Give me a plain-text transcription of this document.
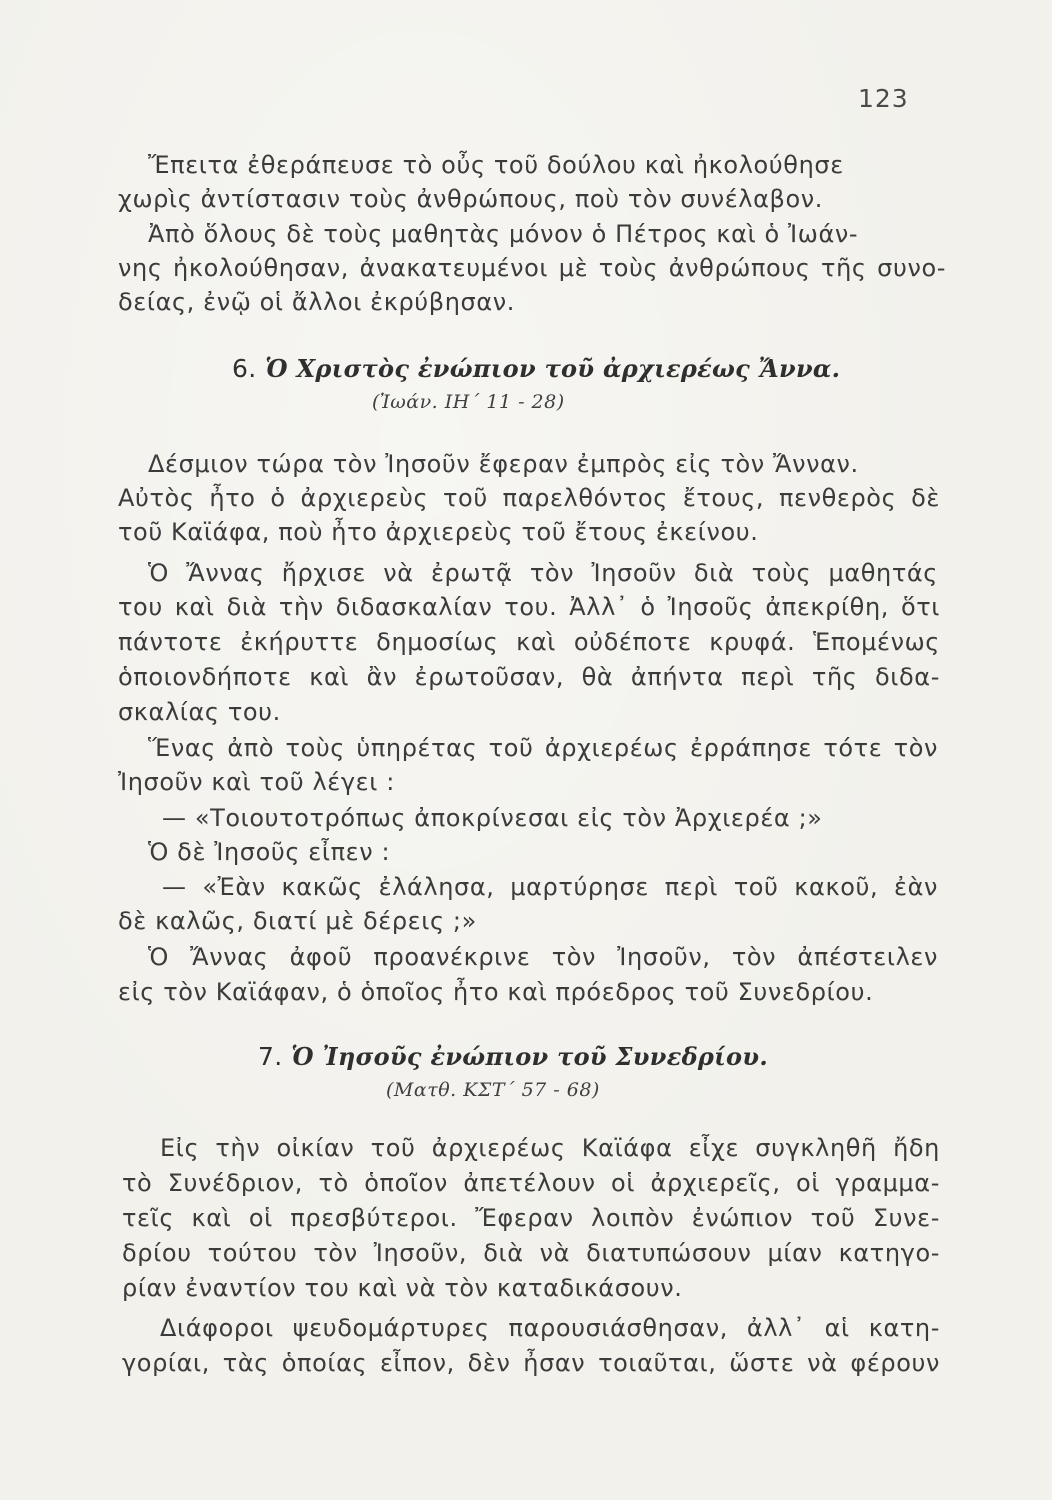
123
Ἔπειτα ἐθεράπευσε τὸ οὖς τοῦ δούλου καὶ ἠκολούθησε
χωρὶς ἀντίστασιν τοὺς ἀνθρώπους, ποὺ τὸν συνέλαβον.
Ἀπὸ ὅλους δὲ τοὺς μαθητὰς μόνον ὁ Πέτρος καὶ ὁ Ἰωάν-
νης ἠκολούθησαν, ἀνακατευμένοι μὲ τοὺς ἀνθρώπους τῆς συνο-
δείας, ἐνῷ οἱ ἄλλοι ἐκρύβησαν.
6. Ὁ Χριστὸς ἐνώπιον τοῦ ἀρχιερέως Ἄννα.
(Ἰωάν. ΙΗ´ 11 - 28)
Δέσμιον τώρα τὸν Ἰησοῦν ἔφεραν ἐμπρὸς εἰς τὸν Ἄνναν.
Αὐτὸς ἦτο ὁ ἀρχιερεὺς τοῦ παρελθόντος ἔτους, πενθερὸς δὲ
τοῦ Καϊάφα, ποὺ ἦτο ἀρχιερεὺς τοῦ ἔτους ἐκείνου.
Ὁ Ἄννας ἤρχισε νὰ ἐρωτᾷ τὸν Ἰησοῦν διὰ τοὺς μαθητάς
του καὶ διὰ τὴν διδασκαλίαν του. Ἀλλ᾽ ὁ Ἰησοῦς ἀπεκρίθη, ὅτι
πάντοτε ἐκήρυττε δημοσίως καὶ οὐδέποτε κρυφά. Ἑπομένως
ὁποιονδήποτε καὶ ἂν ἐρωτοῦσαν, θὰ ἀπήντα περὶ τῆς διδα-
σκαλίας του.
Ἕνας ἀπὸ τοὺς ὑπηρέτας τοῦ ἀρχιερέως ἐρράπησε τότε τὸν
Ἰησοῦν καὶ τοῦ λέγει :
— «Τοιουτοτρόπως ἀποκρίνεσαι εἰς τὸν Ἀρχιερέα ;»
Ὁ δὲ Ἰησοῦς εἶπεν :
— «Ἐὰν κακῶς ἐλάλησα, μαρτύρησε περὶ τοῦ κακοῦ, ἐὰν
δὲ καλῶς, διατί μὲ δέρεις ;»
Ὁ Ἄννας ἀφοῦ προανέκρινε τὸν Ἰησοῦν, τὸν ἀπέστειλεν
εἰς τὸν Καϊάφαν, ὁ ὁποῖος ἦτο καὶ πρόεδρος τοῦ Συνεδρίου.
7. Ὁ Ἰησοῦς ἐνώπιον τοῦ Συνεδρίου.
(Ματθ. ΚΣΤ´ 57 - 68)
Εἰς τὴν οἰκίαν τοῦ ἀρχιερέως Καϊάφα εἶχε συγκληθῆ ἤδη
τὸ Συνέδριον, τὸ ὁποῖον ἀπετέλουν οἱ ἀρχιερεῖς, οἱ γραμμα-
τεῖς καὶ οἱ πρεσβύτεροι. Ἔφεραν λοιπὸν ἐνώπιον τοῦ Συνε-
δρίου τούτου τὸν Ἰησοῦν, διὰ νὰ διατυπώσουν μίαν κατηγο-
ρίαν ἐναντίον του καὶ νὰ τὸν καταδικάσουν.
Διάφοροι ψευδομάρτυρες παρουσιάσθησαν, ἀλλ᾽ αἱ κατη-
γορίαι, τὰς ὁποίας εἶπον, δὲν ἦσαν τοιαῦται, ὥστε νὰ φέρουν
